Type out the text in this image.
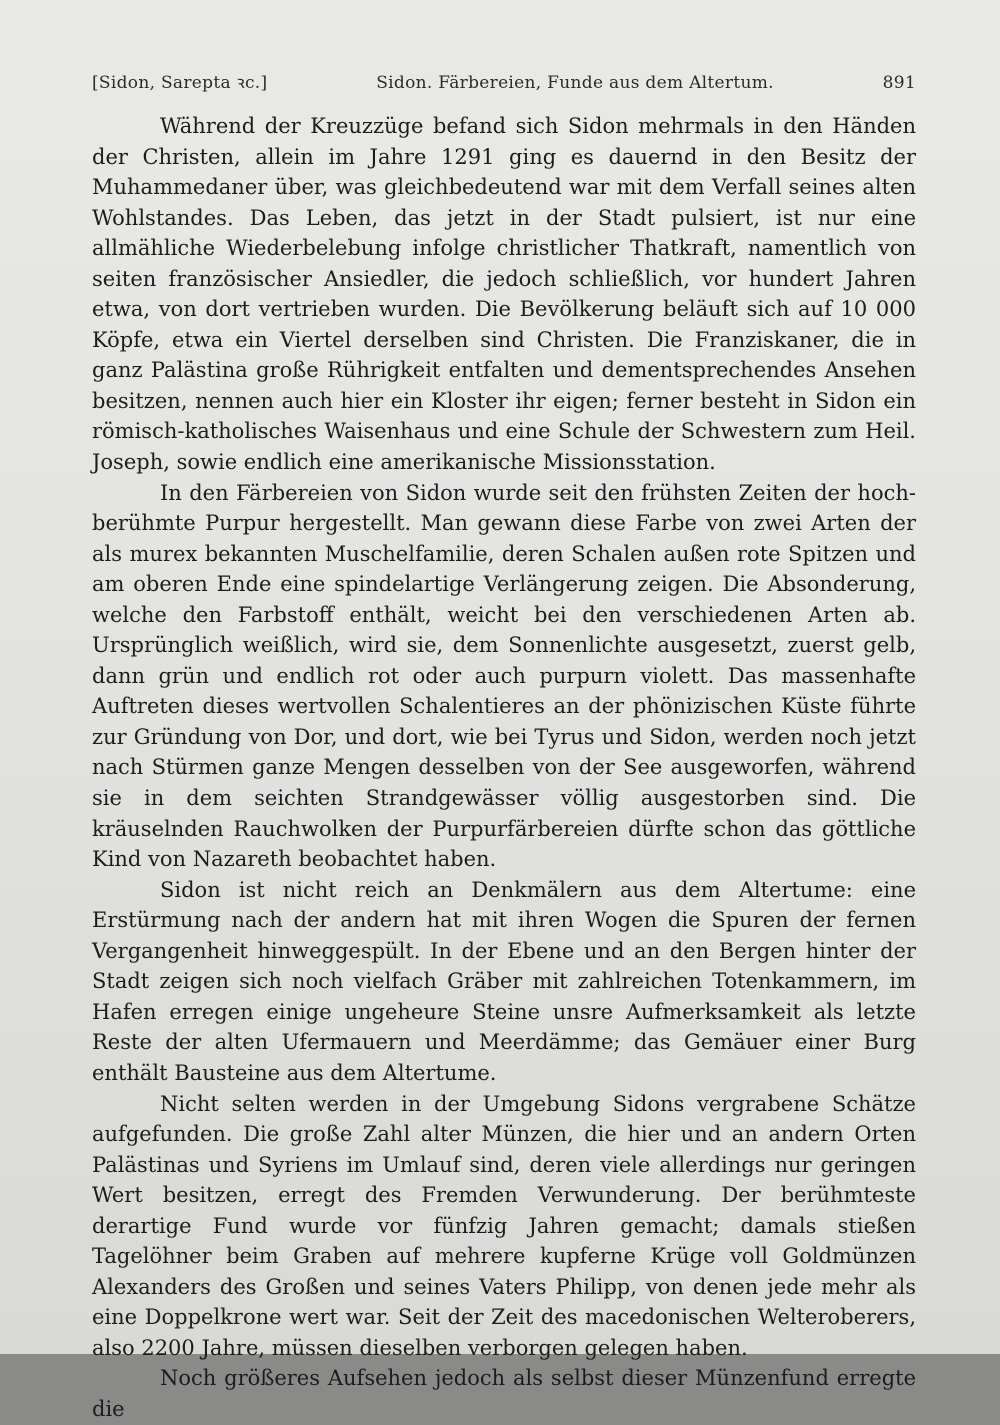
[Sidon, Sarepta ꝛc.]	Sidon. Färbereien, Funde aus dem Altertum.	891

Während der Kreuzzüge befand sich Sidon mehrmals in den Händen der Christen, allein im Jahre 1291 ging es dauernd in den Besitz der Muhammedaner über, was gleichbedeutend war mit dem Verfall seines alten Wohlstandes. Das Leben, das jetzt in der Stadt pulsiert, ist nur eine allmähliche Wiederbelebung infolge christlicher Thatkraft, namentlich von seiten französischer Ansiedler, die jedoch schließlich, vor hundert Jahren etwa, von dort vertrieben wurden. Die Bevölkerung beläuft sich auf 10 000 Köpfe, etwa ein Viertel derselben sind Christen. Die Franziskaner, die in ganz Palästina große Rührigkeit entfalten und dementsprechendes Ansehen besitzen, nennen auch hier ein Kloster ihr eigen; ferner besteht in Sidon ein römisch-katholisches Waisenhaus und eine Schule der Schwestern zum Heil. Joseph, sowie endlich eine amerikanische Missionsstation.

In den Färbereien von Sidon wurde seit den frühsten Zeiten der hochberühmte Purpur hergestellt. Man gewann diese Farbe von zwei Arten der als murex bekannten Muschelfamilie, deren Schalen außen rote Spitzen und am oberen Ende eine spindelartige Verlängerung zeigen. Die Absonderung, welche den Farbstoff enthält, weicht bei den verschiedenen Arten ab. Ursprünglich weißlich, wird sie, dem Sonnenlichte ausgesetzt, zuerst gelb, dann grün und endlich rot oder auch purpurn violett. Das massenhafte Auftreten dieses wertvollen Schalentieres an der phönizischen Küste führte zur Gründung von Dor, und dort, wie bei Tyrus und Sidon, werden noch jetzt nach Stürmen ganze Mengen desselben von der See ausgeworfen, während sie in dem seichten Strandgewässer völlig ausgestorben sind. Die kräuselnden Rauchwolken der Purpurfärbereien dürfte schon das göttliche Kind von Nazareth beobachtet haben.

Sidon ist nicht reich an Denkmälern aus dem Altertume: eine Erstürmung nach der andern hat mit ihren Wogen die Spuren der fernen Vergangenheit hinweggespült. In der Ebene und an den Bergen hinter der Stadt zeigen sich noch vielfach Gräber mit zahlreichen Totenkammern, im Hafen erregen einige ungeheure Steine unsre Aufmerksamkeit als letzte Reste der alten Ufermauern und Meerdämme; das Gemäuer einer Burg enthält Bausteine aus dem Altertume.

Nicht selten werden in der Umgebung Sidons vergrabene Schätze aufgefunden. Die große Zahl alter Münzen, die hier und an andern Orten Palästinas und Syriens im Umlauf sind, deren viele allerdings nur geringen Wert besitzen, erregt des Fremden Verwunderung. Der berühmteste derartige Fund wurde vor fünfzig Jahren gemacht; damals stießen Tagelöhner beim Graben auf mehrere kupferne Krüge voll Goldmünzen Alexanders des Großen und seines Vaters Philipp, von denen jede mehr als eine Doppelkrone wert war. Seit der Zeit des macedonischen Welteroberers, also 2200 Jahre, müssen dieselben verborgen gelegen haben.

Noch größeres Aufsehen jedoch als selbst dieser Münzenfund erregte die
